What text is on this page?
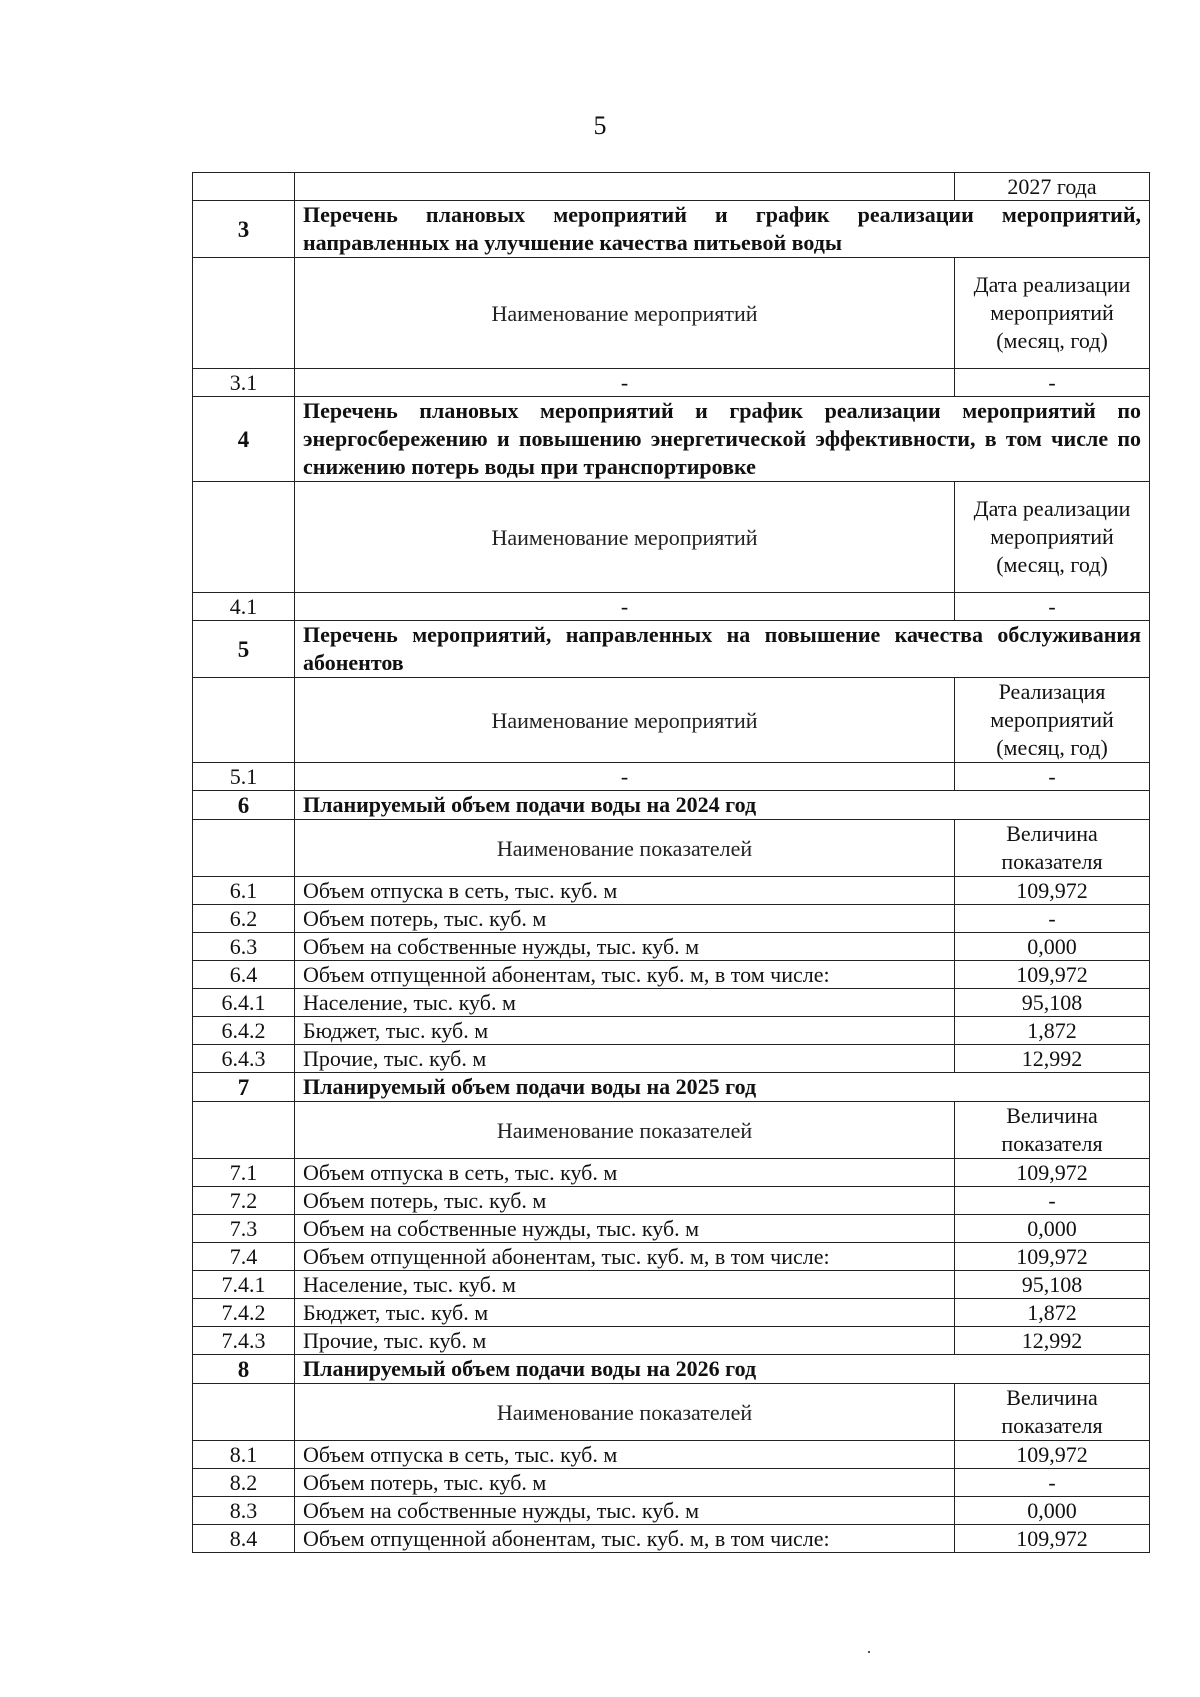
5
		2027 года
3	Перечень плановых мероприятий и график реализации мероприятий, направленных на улучшение качества питьевой воды	
	Наименование мероприятий	Дата реализации мероприятий (месяц, год)
3.1	-	-
4	Перечень плановых мероприятий и график реализации мероприятий по энергосбережению и повышению энергетической эффективности, в том числе по снижению потерь воды при транспортировке	
	Наименование мероприятий	Дата реализации мероприятий (месяц, год)
4.1	-	-
5	Перечень мероприятий, направленных на повышение качества обслуживания абонентов	
	Наименование мероприятий	Реализация мероприятий (месяц, год)
5.1	-	-
6	Планируемый объем подачи воды на 2024 год	
	Наименование показателей	Величина показателя
6.1	Объем отпуска в сеть, тыс. куб. м	109,972
6.2	Объем потерь, тыс. куб. м	-
6.3	Объем на собственные нужды, тыс. куб. м	0,000
6.4	Объем отпущенной абонентам, тыс. куб. м, в том числе:	109,972
6.4.1	Население, тыс. куб. м	95,108
6.4.2	Бюджет, тыс. куб. м	1,872
6.4.3	Прочие, тыс. куб. м	12,992
7	Планируемый объем подачи воды на 2025 год	
	Наименование показателей	Величина показателя
7.1	Объем отпуска в сеть, тыс. куб. м	109,972
7.2	Объем потерь, тыс. куб. м	-
7.3	Объем на собственные нужды, тыс. куб. м	0,000
7.4	Объем отпущенной абонентам, тыс. куб. м, в том числе:	109,972
7.4.1	Население, тыс. куб. м	95,108
7.4.2	Бюджет, тыс. куб. м	1,872
7.4.3	Прочие, тыс. куб. м	12,992
8	Планируемый объем подачи воды на 2026 год	
	Наименование показателей	Величина показателя
8.1	Объем отпуска в сеть, тыс. куб. м	109,972
8.2	Объем потерь, тыс. куб. м	-
8.3	Объем на собственные нужды, тыс. куб. м	0,000
8.4	Объем отпущенной абонентам, тыс. куб. м, в том числе:	109,972
·
